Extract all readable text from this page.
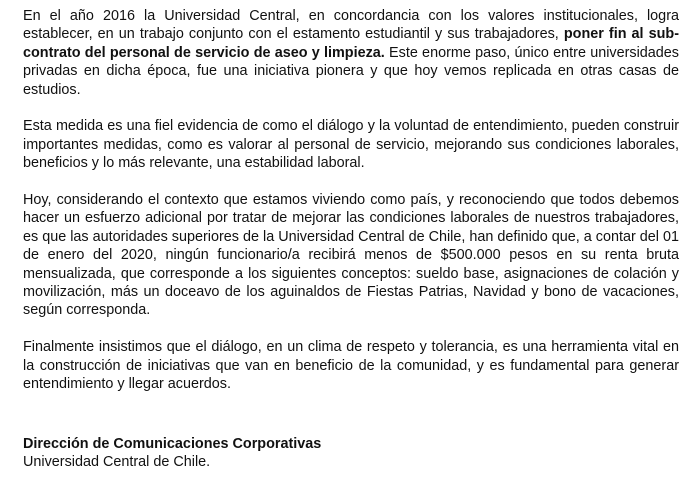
En el año 2016 la Universidad Central, en concordancia con los valores institucionales, logra establecer, en un trabajo conjunto con el estamento estudiantil y sus trabajadores, poner fin al sub-contrato del personal de servicio de aseo y limpieza. Este enorme paso, único entre universidades privadas en dicha época, fue una iniciativa pionera y que hoy vemos replicada en otras casas de estudios.

Esta medida es una fiel evidencia de como el diálogo y la voluntad de entendimiento, pueden construir importantes medidas, como es valorar al personal de servicio, mejorando sus condiciones laborales, beneficios y lo más relevante, una estabilidad laboral.

Hoy, considerando el contexto que estamos viviendo como país, y reconociendo que todos debemos hacer un esfuerzo adicional por tratar de mejorar las condiciones laborales de nuestros trabajadores, es que las autoridades superiores de la Universidad Central de Chile, han definido que, a contar del 01 de enero del 2020, ningún funcionario/a recibirá menos de $500.000 pesos en su renta bruta mensualizada, que corresponde a los siguientes conceptos: sueldo base, asignaciones de colación y movilización, más un doceavo de los aguinaldos de Fiestas Patrias, Navidad y bono de vacaciones, según corresponda.

Finalmente insistimos que el diálogo, en un clima de respeto y tolerancia, es una herramienta vital en la construcción de iniciativas que van en beneficio de la comunidad, y es fundamental para generar entendimiento y llegar acuerdos.

Dirección de Comunicaciones Corporativas
Universidad Central de Chile.
